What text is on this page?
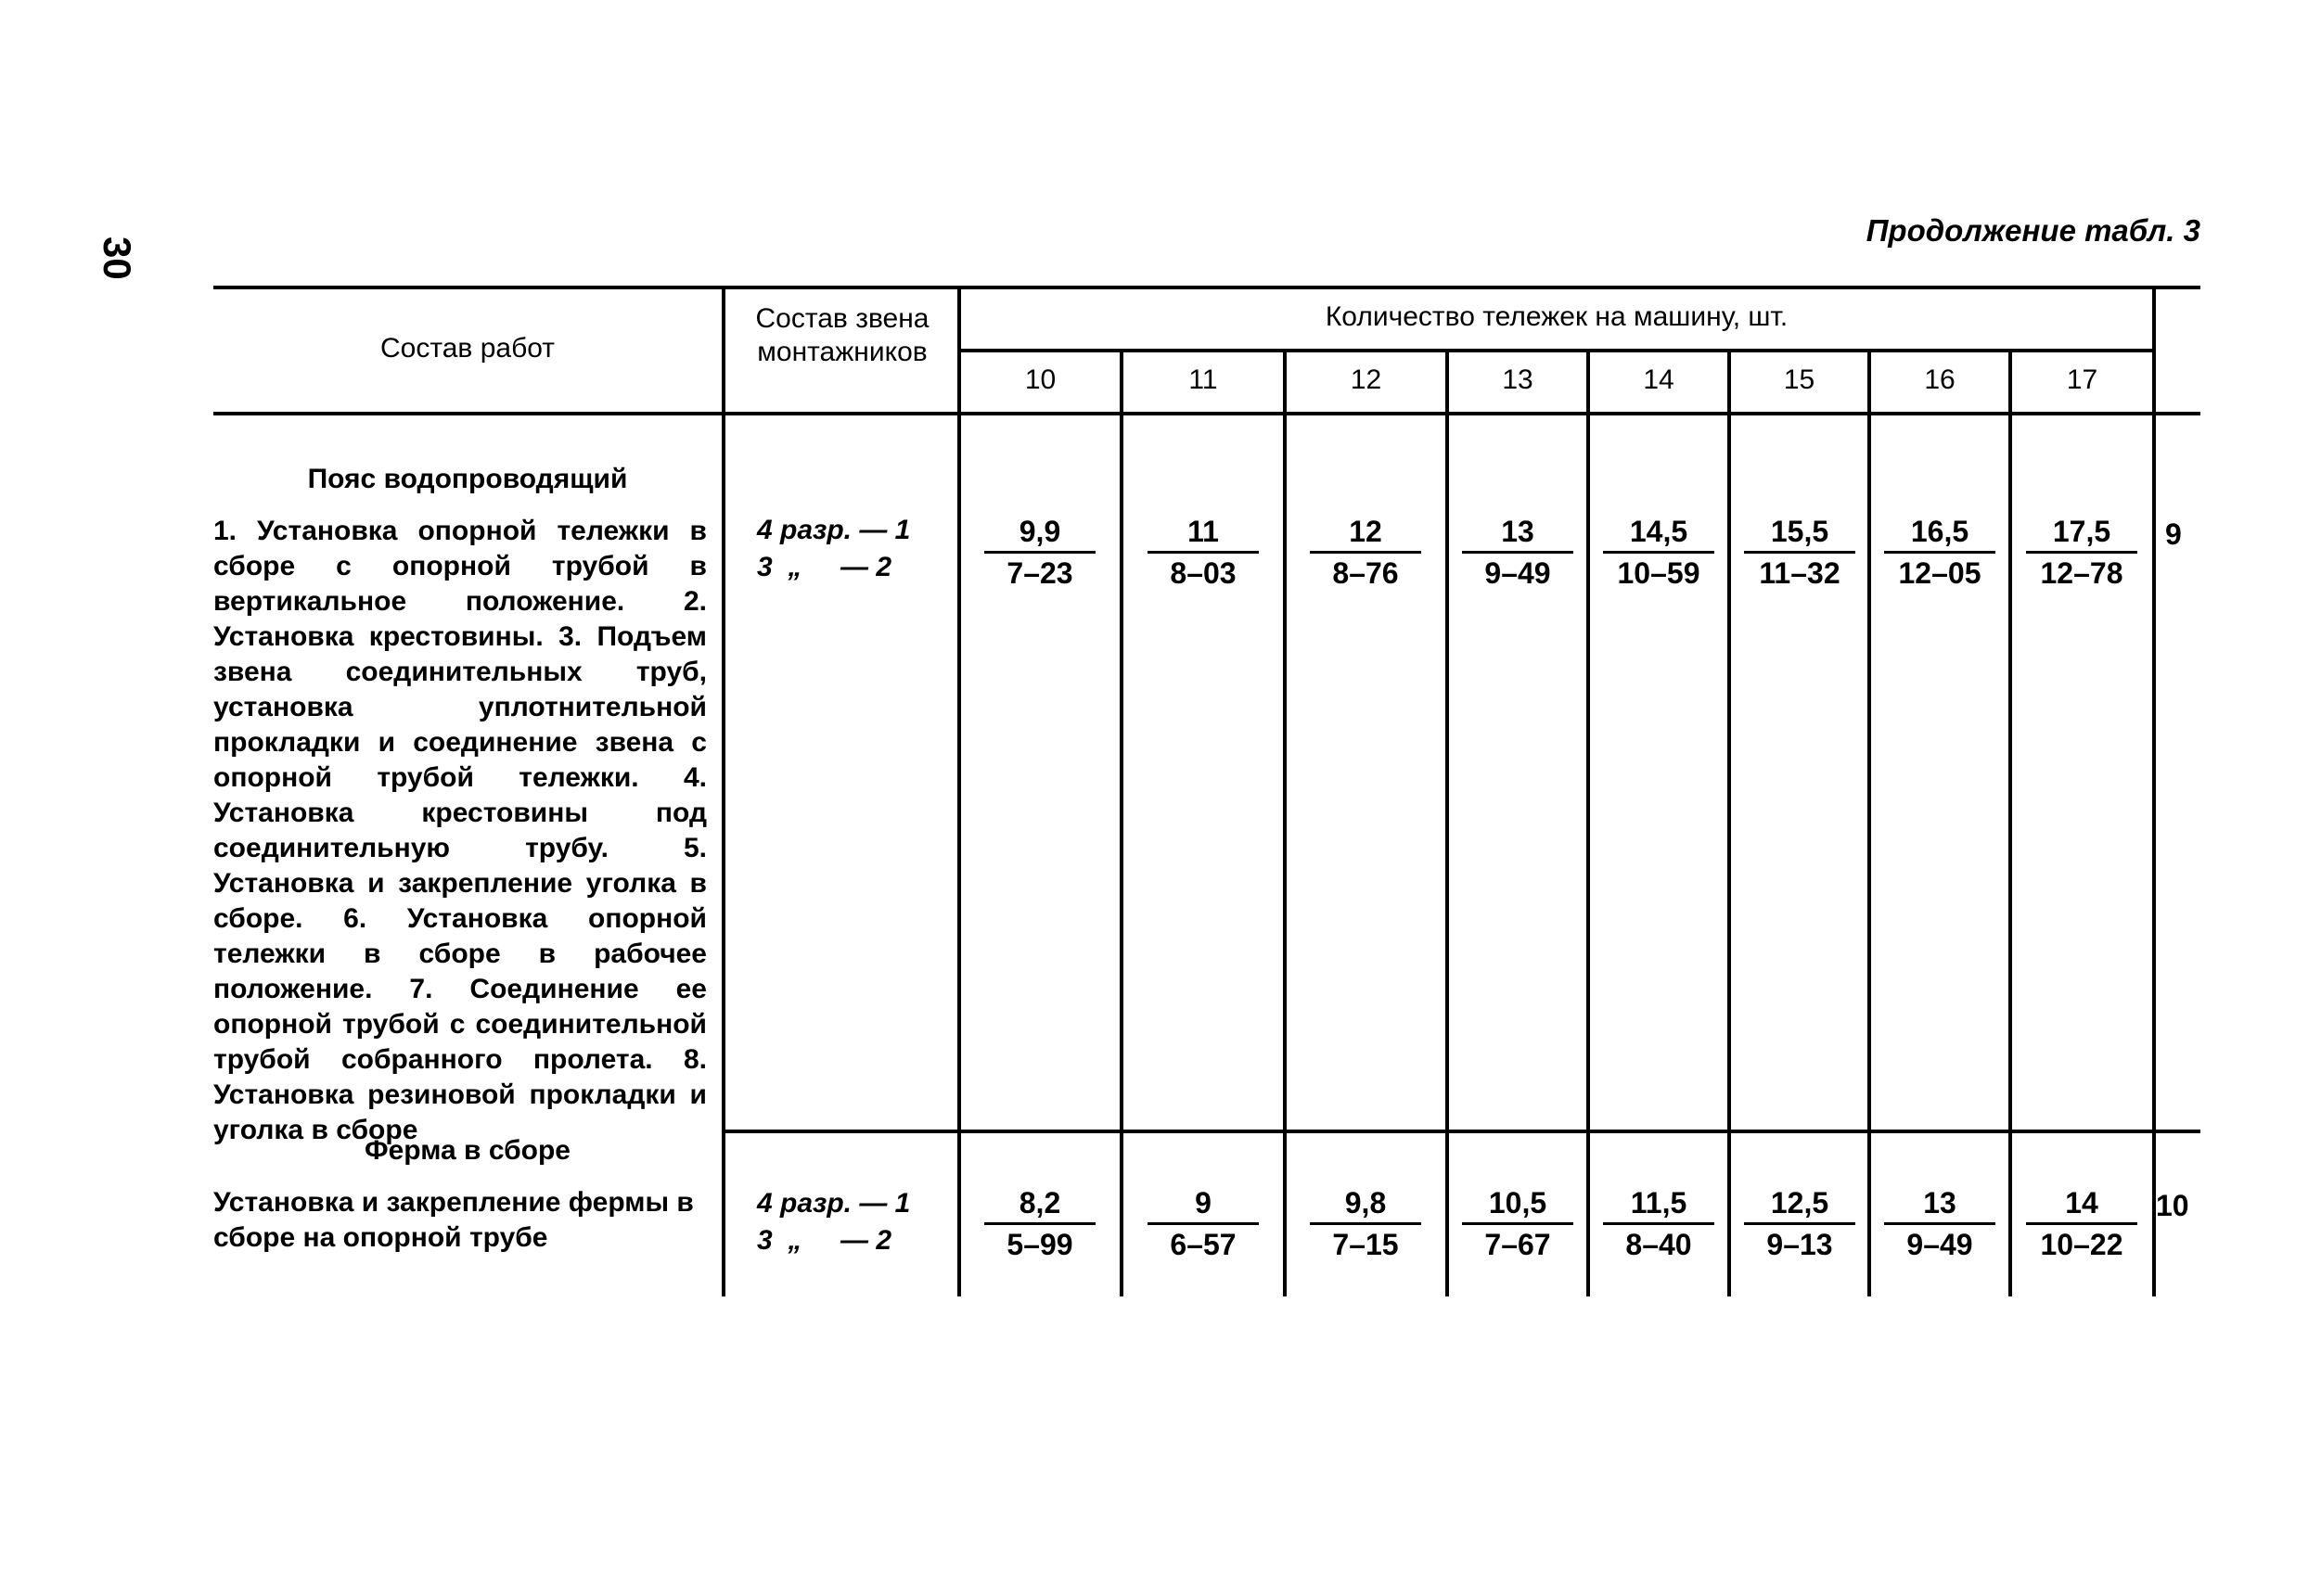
30
Продолжение табл. 3
Состав работ
Состав звена монтажников
Количество тележек на машину, шт.
10	11	12	13	14	15	16	17
Пояс водопроводящий
1. Установка опорной тележки в сборе с опорной трубой в вертикальное положение. 2. Установка крестовины. 3. Подъем звена соединительных труб, установка уплотнительной прокладки и соединение звена с опорной трубой тележки. 4. Установка крестовины под соединительную трубу. 5. Установка и закрепление уголка в сборе. 6. Установка опорной тележки в сборе в рабочее положение. 7. Соединение ее опорной трубой с соединительной трубой собранного пролета. 8. Установка резиновой прокладки и уголка в сборе
4 разр. — 1
3  „     — 2	$\frac{9,9}{7-23} \frac{11}{8-03} \frac{12}{8-76} \frac{13}{9-49} \frac{14,5}{10-59} \frac{15,5}{11-32} \frac{16,5}{12-05} \frac{17,5}{12-78} 9$
Ферма в сборе
Установка и закрепление фермы в сборе на опорной трубе
4 разр. — 1
3  „     — 2	$\frac{8,2}{5-99} \frac{9}{6-57} \frac{9,8}{7-15} \frac{10,5}{7-67} \frac{11,5}{8-40} \frac{12,5}{9-13} \frac{13}{9-49} \frac{14}{10-22} 10$
